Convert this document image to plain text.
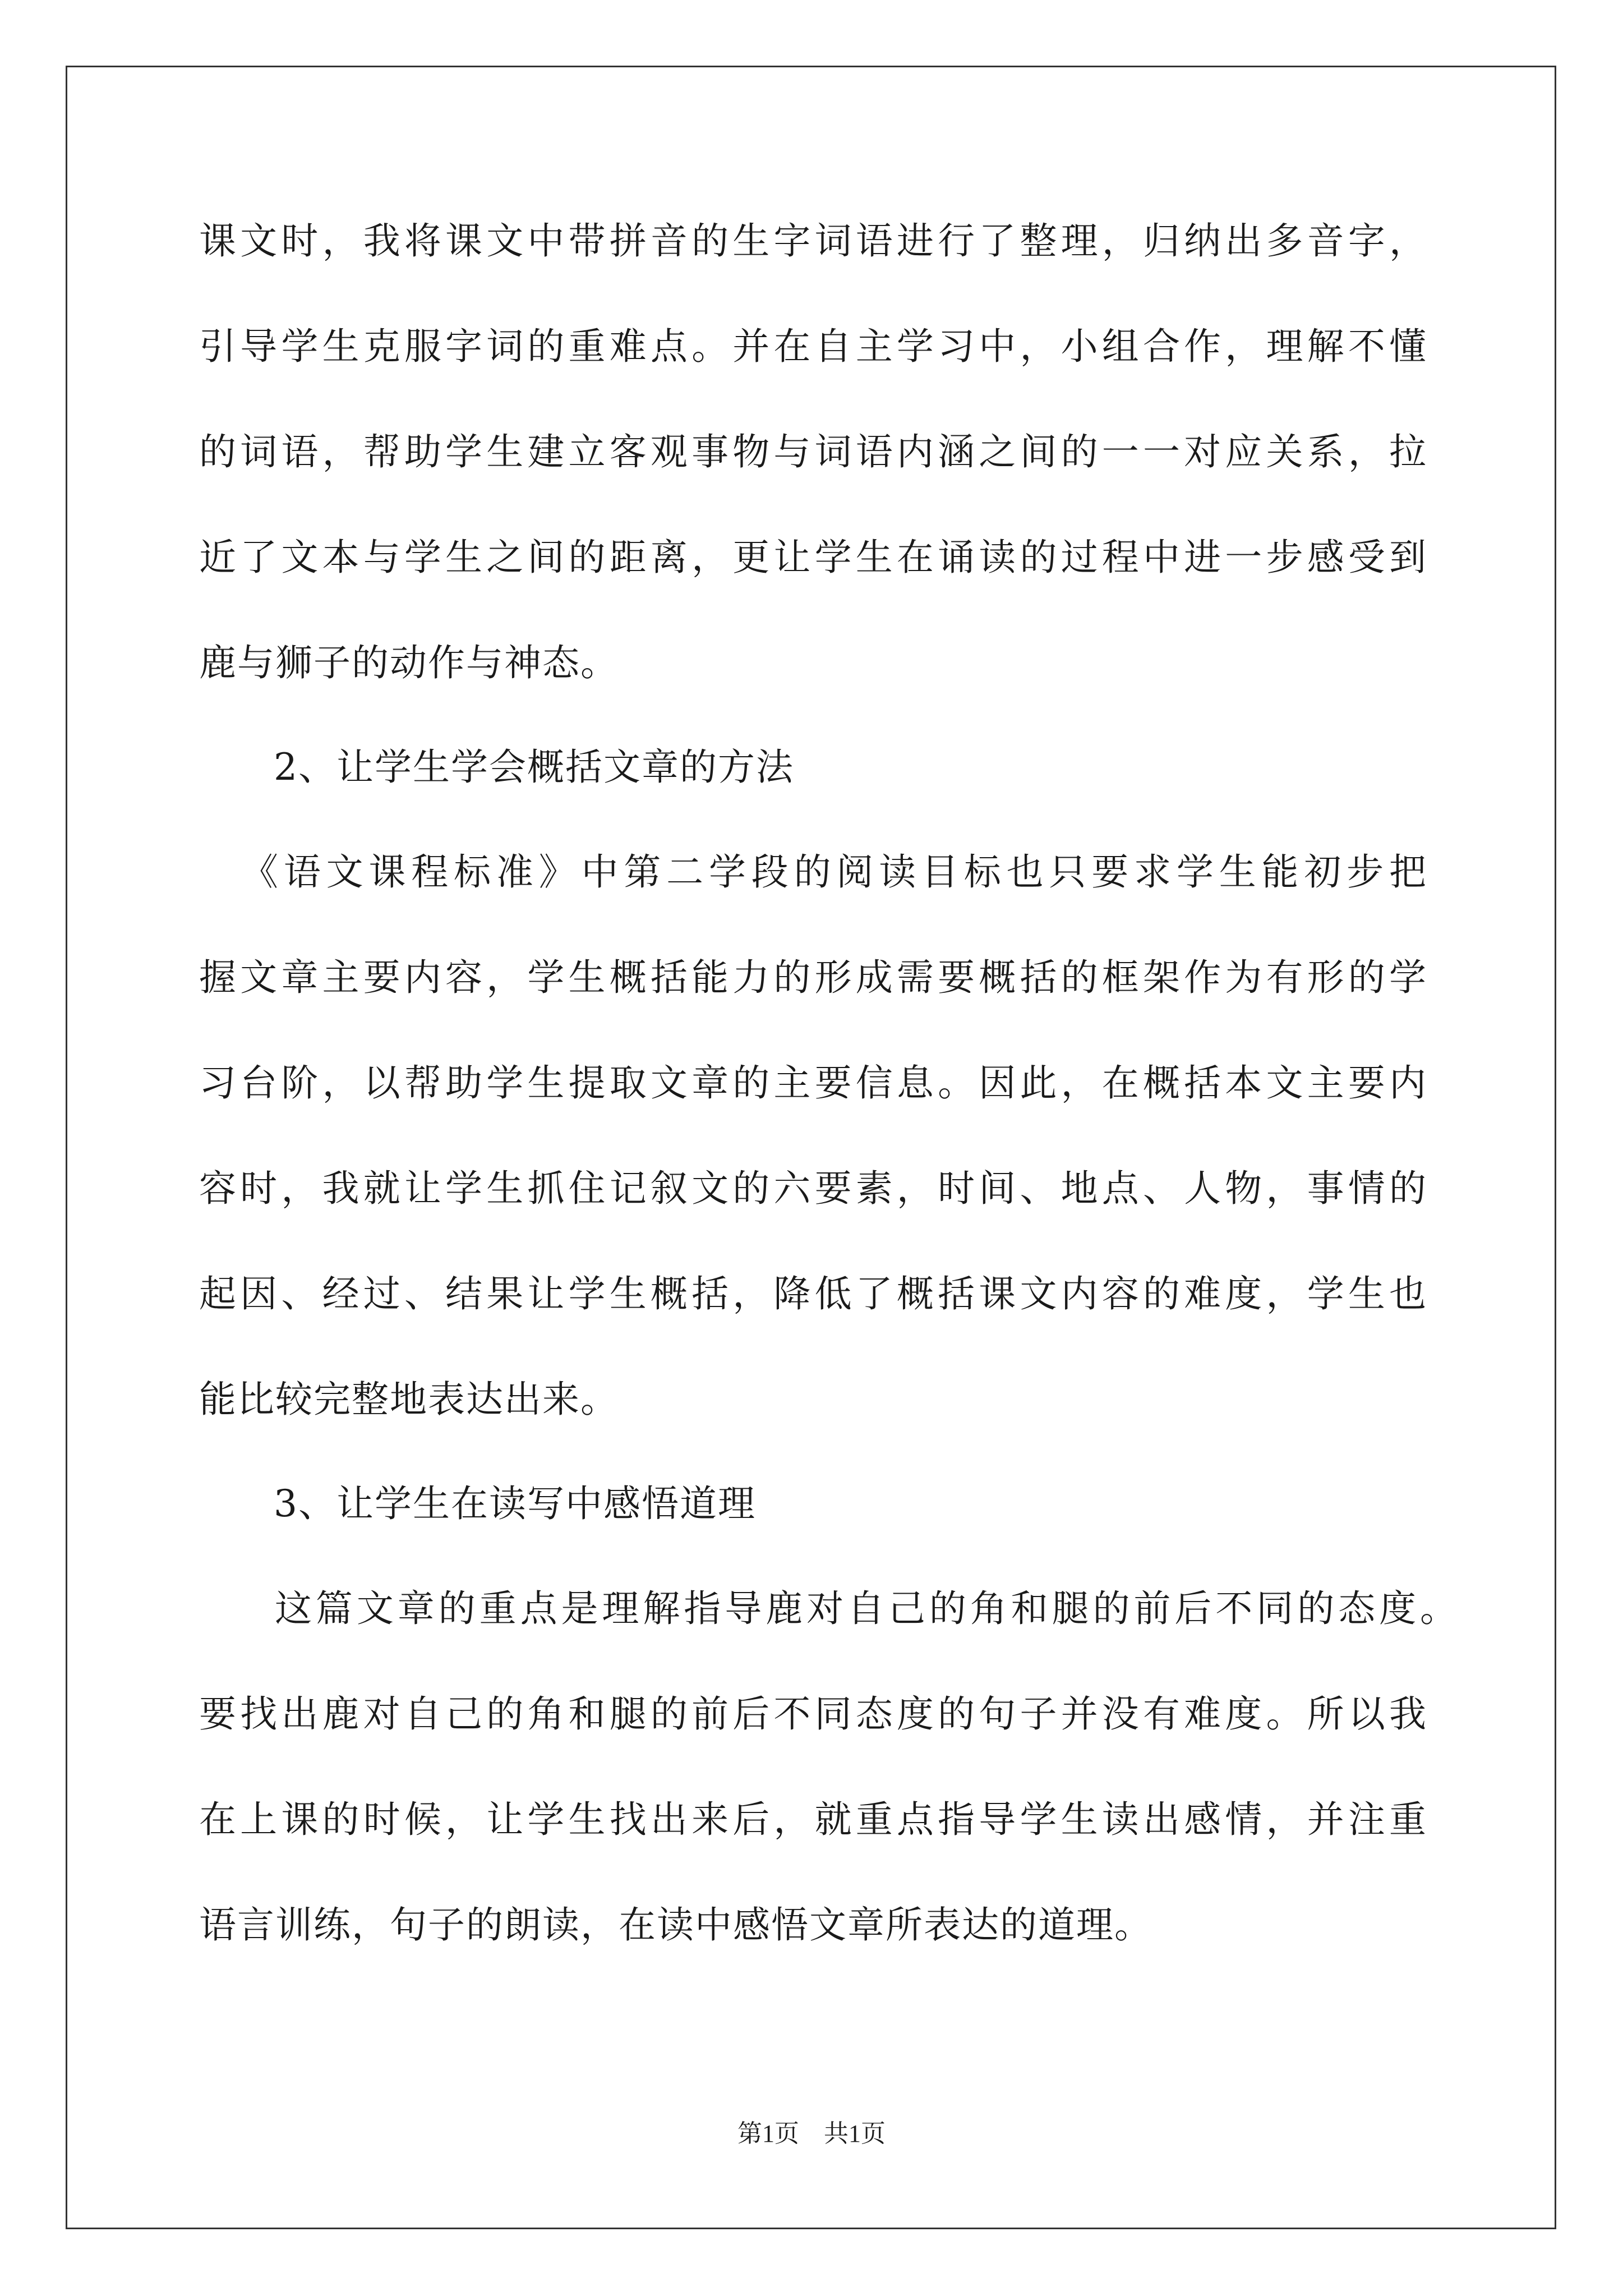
课文时，我将课文中带拼音的生字词语进行了整理，归纳出多音字，
引导学生克服字词的重难点。并在自主学习中，小组合作，理解不懂
的词语，帮助学生建立客观事物与词语内涵之间的一一对应关系，拉
近了文本与学生之间的距离，更让学生在诵读的过程中进一步感受到
鹿与狮子的动作与神态。
2、让学生学会概括文章的方法
《语文课程标准》中第二学段的阅读目标也只要求学生能初步把
握文章主要内容，学生概括能力的形成需要概括的框架作为有形的学
习台阶，以帮助学生提取文章的主要信息。因此，在概括本文主要内
容时，我就让学生抓住记叙文的六要素，时间、地点、人物，事情的
起因、经过、结果让学生概括，降低了概括课文内容的难度，学生也
能比较完整地表达出来。
3、让学生在读写中感悟道理
这篇文章的重点是理解指导鹿对自己的角和腿的前后不同的态度。
要找出鹿对自己的角和腿的前后不同态度的句子并没有难度。所以我
在上课的时候，让学生找出来后，就重点指导学生读出感情，并注重
语言训练，句子的朗读，在读中感悟文章所表达的道理。
第1页　共1页
